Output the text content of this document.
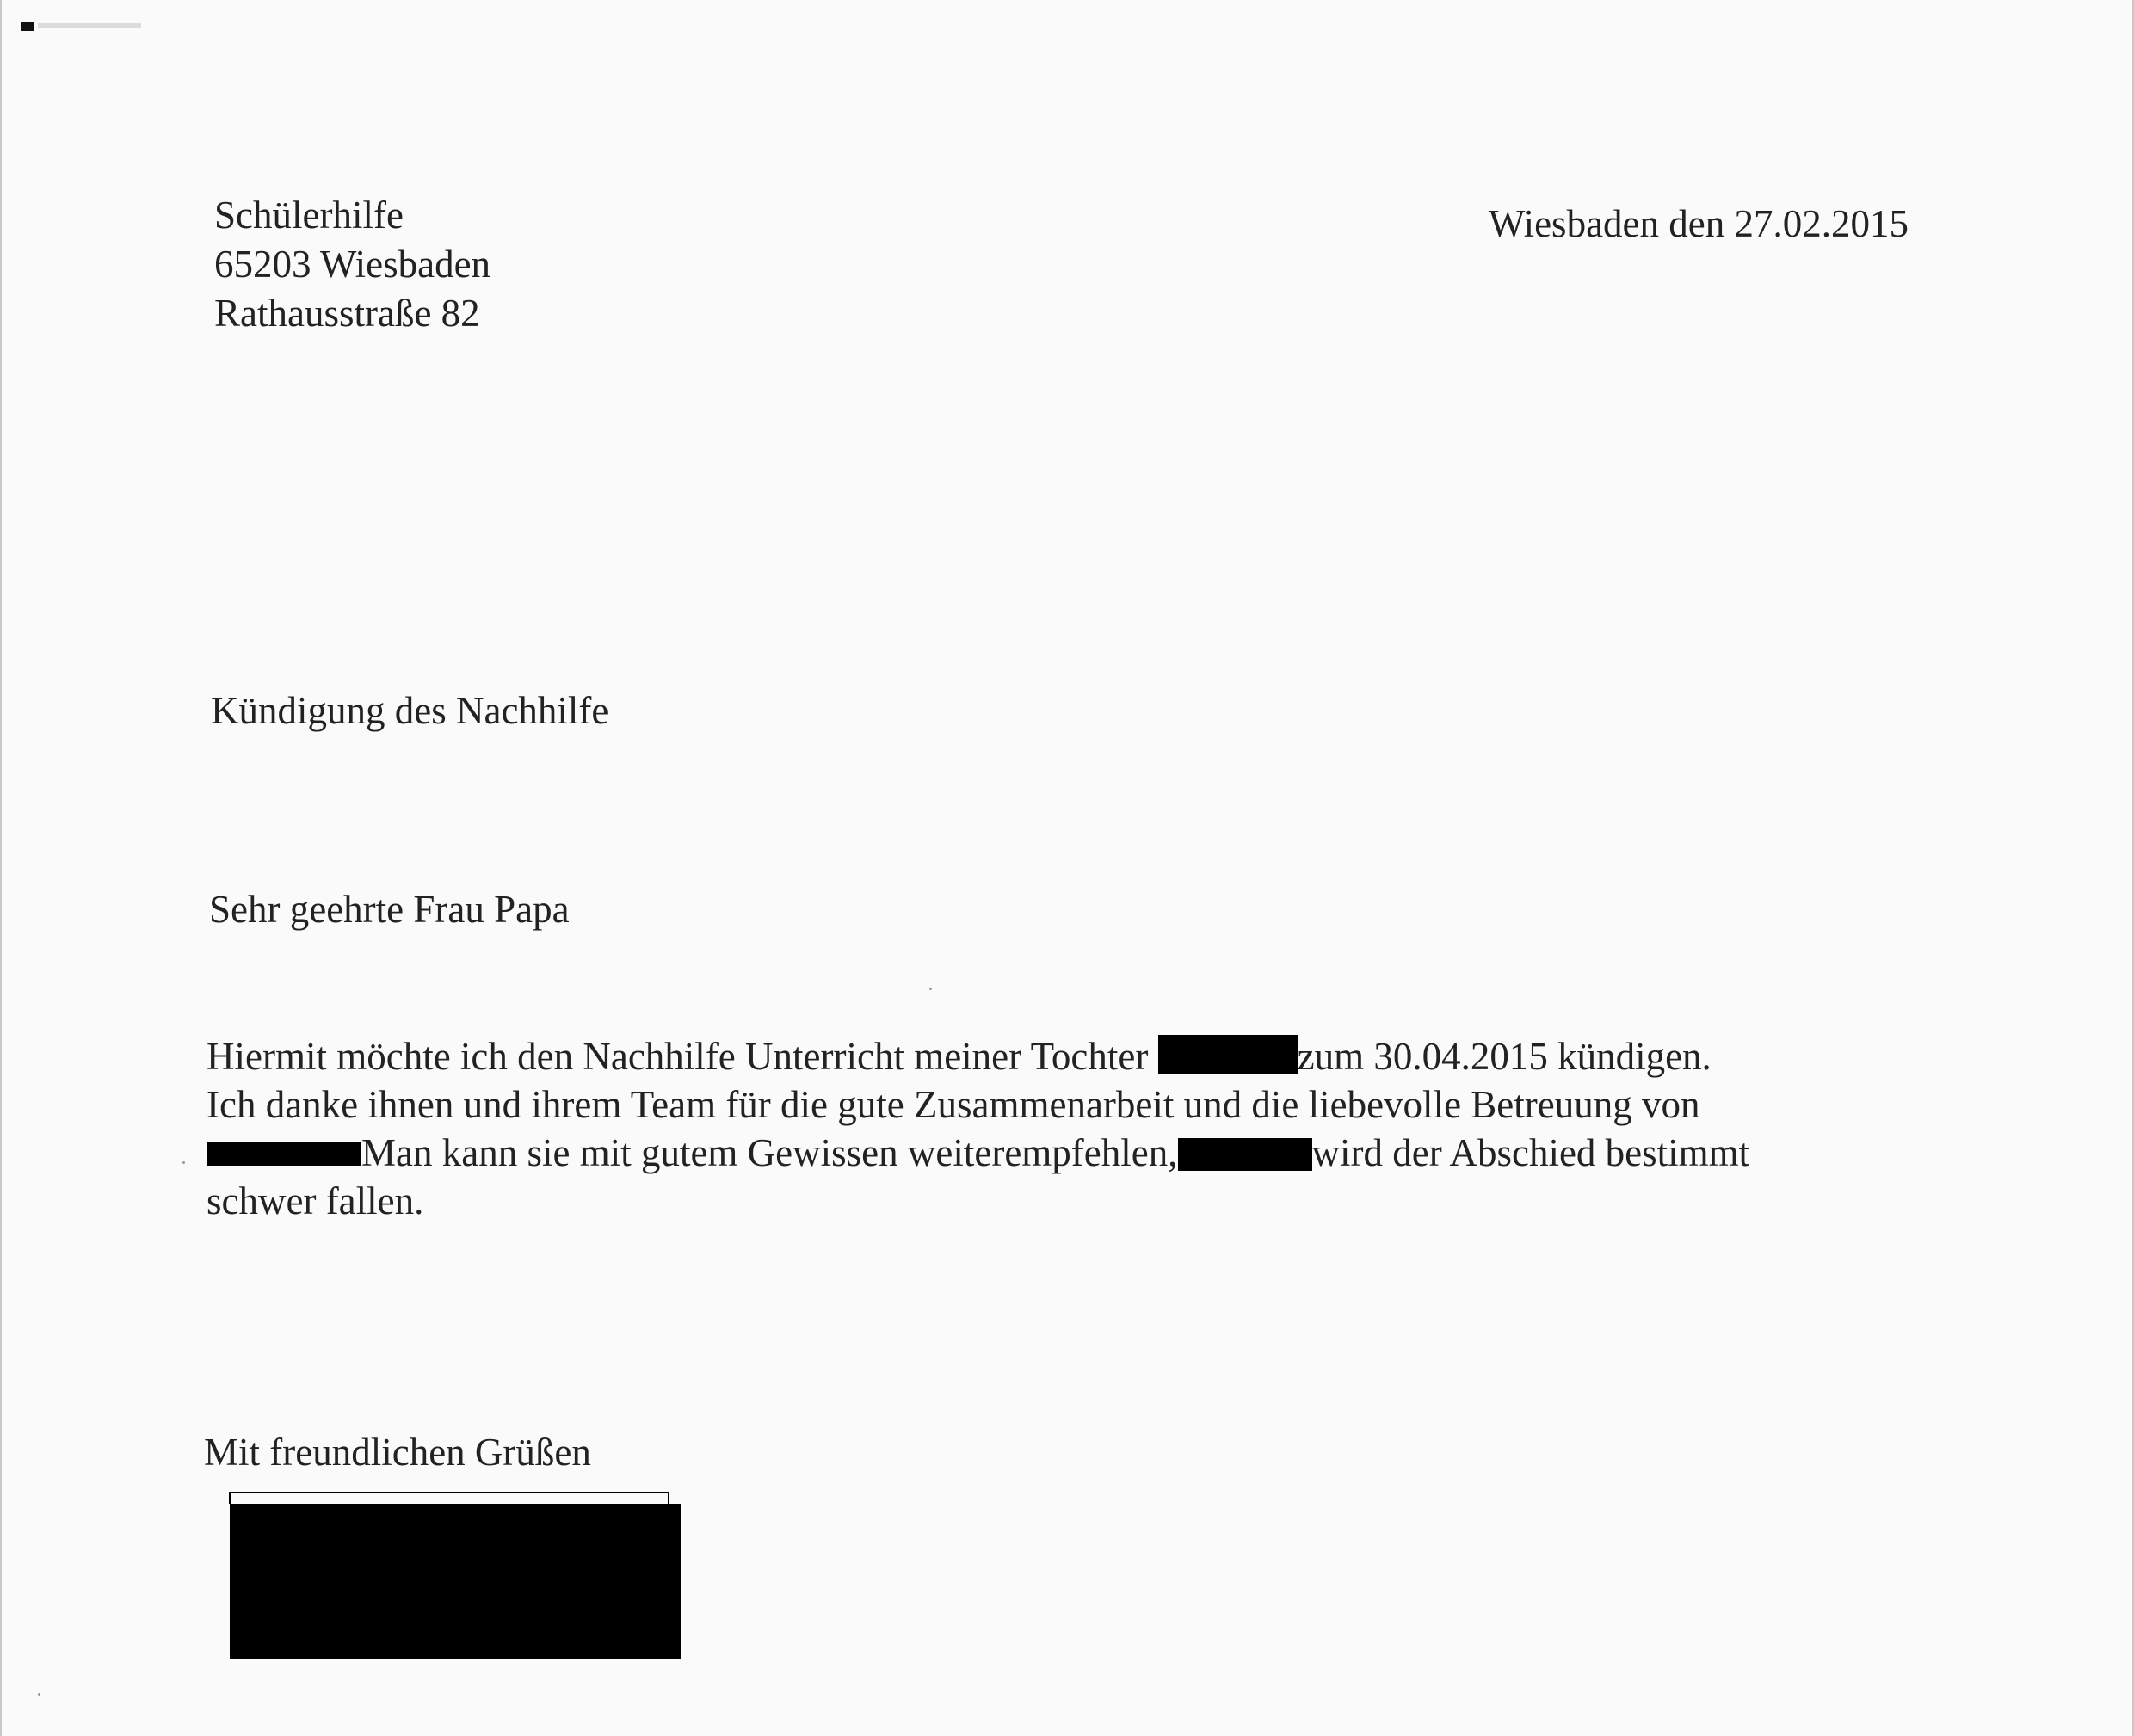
Schülerhilfe
65203 Wiesbaden
Rathausstraße 82
Wiesbaden den 27.02.2015
Kündigung des Nachhilfe
Sehr geehrte Frau Papa
Hiermit möchte ich den Nachhilfe Unterricht meiner Tochter	zum 30.04.2015 kündigen.
Ich danke ihnen und ihrem Team für die gute Zusammenarbeit und die liebevolle Betreuung von
Man kann sie mit gutem Gewissen weiterempfehlen,	wird der Abschied bestimmt
schwer fallen.
Mit freundlichen Grüßen
